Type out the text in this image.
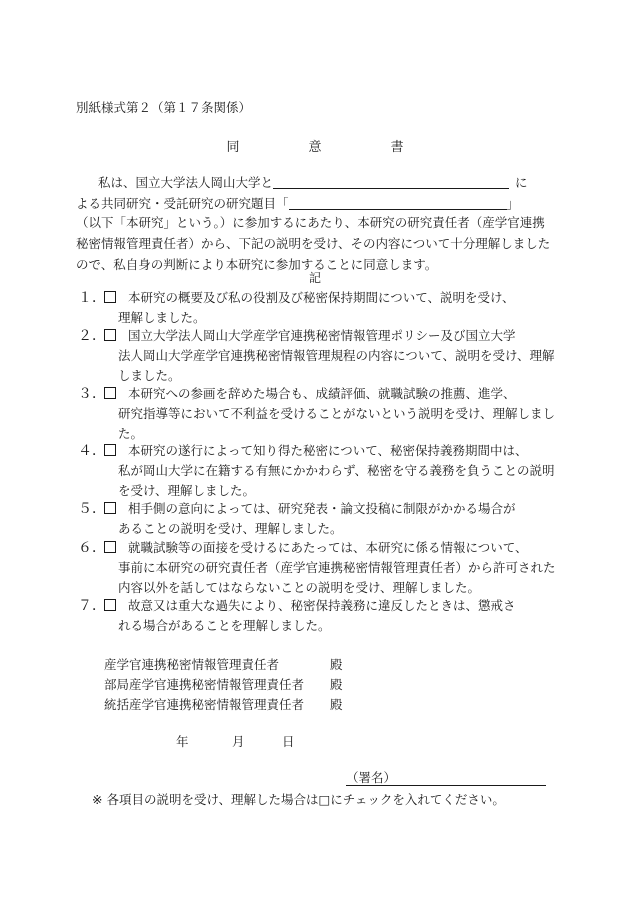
別紙様式第２（第１７条関係）
同　意　書
私は、国立大学法人岡山大学と	に
よる共同研究・受託研究の研究題目「	」
（以下「本研究」という。）に参加するにあたり、本研究の研究責任者（産学官連携秘密情報管理責任者）から、下記の説明を受け、その内容について十分理解しましたので、私自身の判断により本研究に参加することに同意します。
記
１．	本研究の概要及び私の役割及び秘密保持期間について、説明を受け、
理解しました。
２．	国立大学法人岡山大学産学官連携秘密情報管理ポリシー及び国立大学
法人岡山大学産学官連携秘密情報管理規程の内容について、説明を受け、理解しました。
３．	本研究への参画を辞めた場合も、成績評価、就職試験の推薦、進学、
研究指導等において不利益を受けることがないという説明を受け、理解しました。
４．	本研究の遂行によって知り得た秘密について、秘密保持義務期間中は、
私が岡山大学に在籍する有無にかかわらず、秘密を守る義務を負うことの説明を受け、理解しました。
５．	相手側の意向によっては、研究発表・論文投稿に制限がかかる場合が
あることの説明を受け、理解しました。
６．	就職試験等の面接を受けるにあたっては、本研究に係る情報について、
事前に本研究の研究責任者（産学官連携秘密情報管理責任者）から許可された内容以外を話してはならないことの説明を受け、理解しました。
７．	故意又は重大な過失により、秘密保持義務に違反したときは、懲戒さ
れる場合があることを理解しました。
産学官連携秘密情報管理責任者	殿
部局産学官連携秘密情報管理責任者 殿
統括産学官連携秘密情報管理責任者 殿
年	月	日
（署名）
※ 各項目の説明を受け、理解した場合は□にチェックを入れてください。
